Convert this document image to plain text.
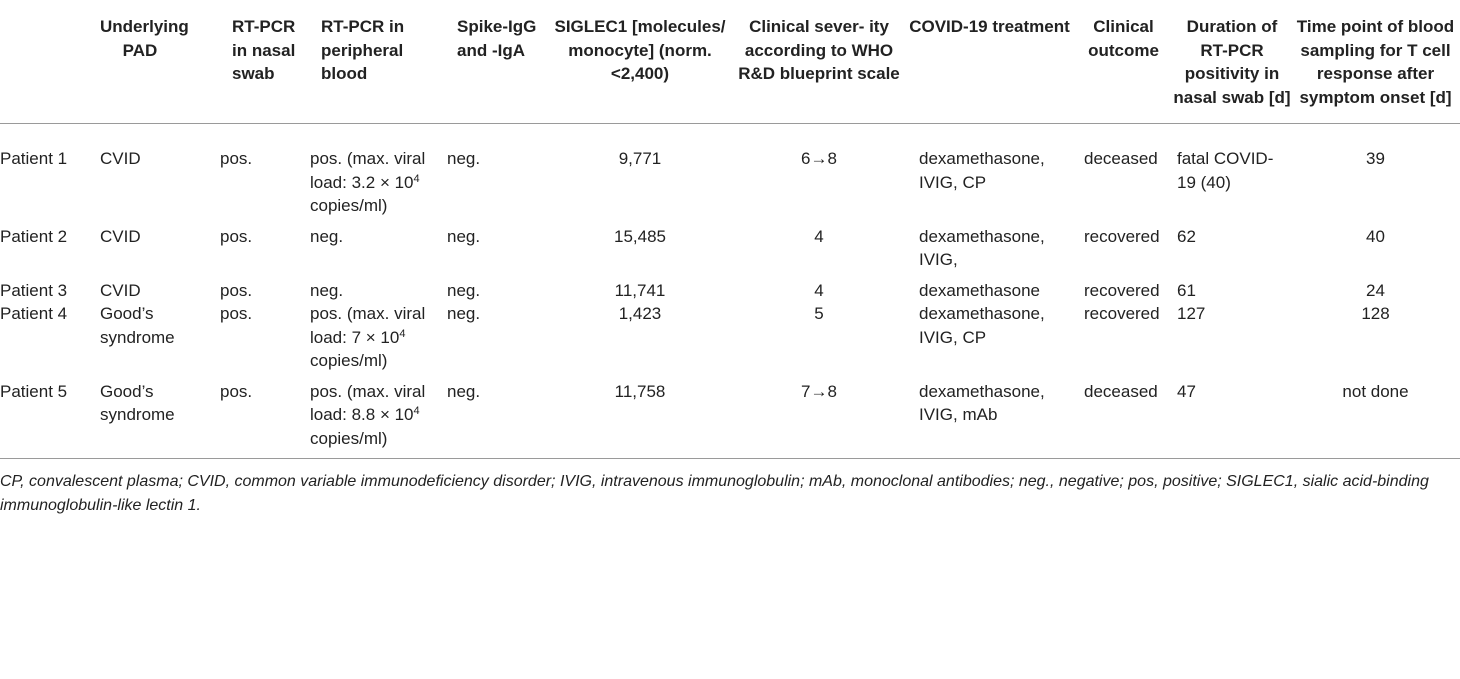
	Underlying PAD	RT-PCR in nasal swab	RT-PCR in peripheral blood	Spike-IgG and -IgA	SIGLEC1 [molecules/ monocyte] (norm. <2,400)	Clinical sever- ity according to WHO R&D blueprint scale	COVID-19 treatment	Clinical outcome	Duration of RT-PCR positivity in nasal swab [d]	Time point of blood sampling for T cell response after symptom onset [d]
Patient 1	CVID	pos.	pos. (max. viral load: $3.2 \times 10^4$ copies/ml)	neg.	9,771	6→8	dexamethasone, IVIG, CP	deceased	fatal COVID-19 (40)	39
Patient 2	CVID	pos.	neg.	neg.	15,485	4	dexamethasone, IVIG,	recovered	62	40
Patient 3	CVID	pos.	neg.	neg.	11,741	4	dexamethasone	recovered	61	24
Patient 4	Good’s syndrome	pos.	pos. (max. viral load: $7 \times 10^4$ copies/ml)	neg.	1,423	5	dexamethasone, IVIG, CP	recovered	127	128
Patient 5	Good’s syndrome	pos.	pos. (max. viral load: $8.8 \times 10^4$ copies/ml)	neg.	11,758	7→8	dexamethasone, IVIG, mAb	deceased	47	not done
CP, convalescent plasma; CVID, common variable immunodeficiency disorder; IVIG, intravenous immunoglobulin; mAb, monoclonal antibodies; neg., negative; pos, positive; SIGLEC1, sialic acid-binding immunoglobulin-like lectin 1.
